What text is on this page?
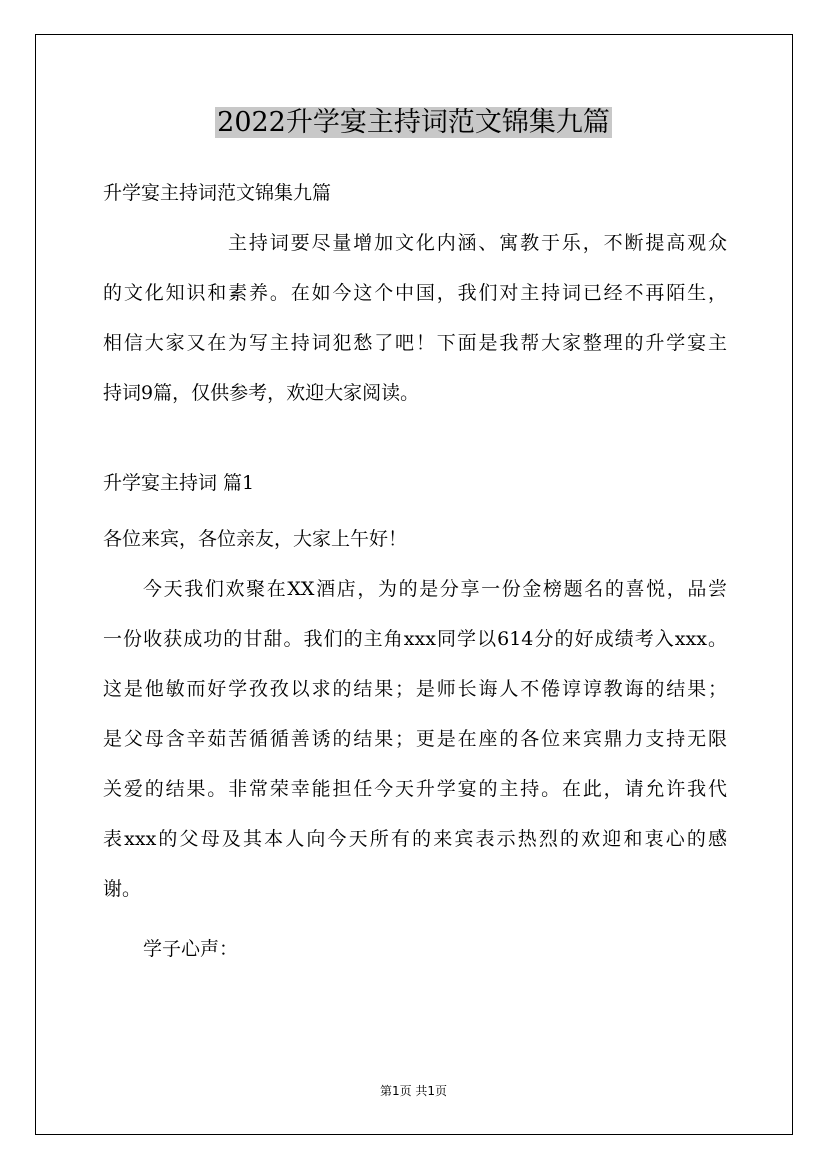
2022升学宴主持词范文锦集九篇
升学宴主持词范文锦集九篇
主持词要尽量增加文化内涵、寓教于乐，不断提高观众
的文化知识和素养。在如今这个中国，我们对主持词已经不再陌生，
相信大家又在为写主持词犯愁了吧！下面是我帮大家整理的升学宴主
持词9篇，仅供参考，欢迎大家阅读。
升学宴主持词 篇1
各位来宾，各位亲友，大家上午好！
今天我们欢聚在XX酒店，为的是分享一份金榜题名的喜悦，品尝
一份收获成功的甘甜。我们的主角xxx同学以614分的好成绩考入xxx。
这是他敏而好学孜孜以求的结果；是师长诲人不倦谆谆教诲的结果；
是父母含辛茹苦循循善诱的结果；更是在座的各位来宾鼎力支持无限
关爱的结果。非常荣幸能担任今天升学宴的主持。在此，请允许我代
表xxx的父母及其本人向今天所有的来宾表示热烈的欢迎和衷心的感
谢。
学子心声：
第1页 共1页
